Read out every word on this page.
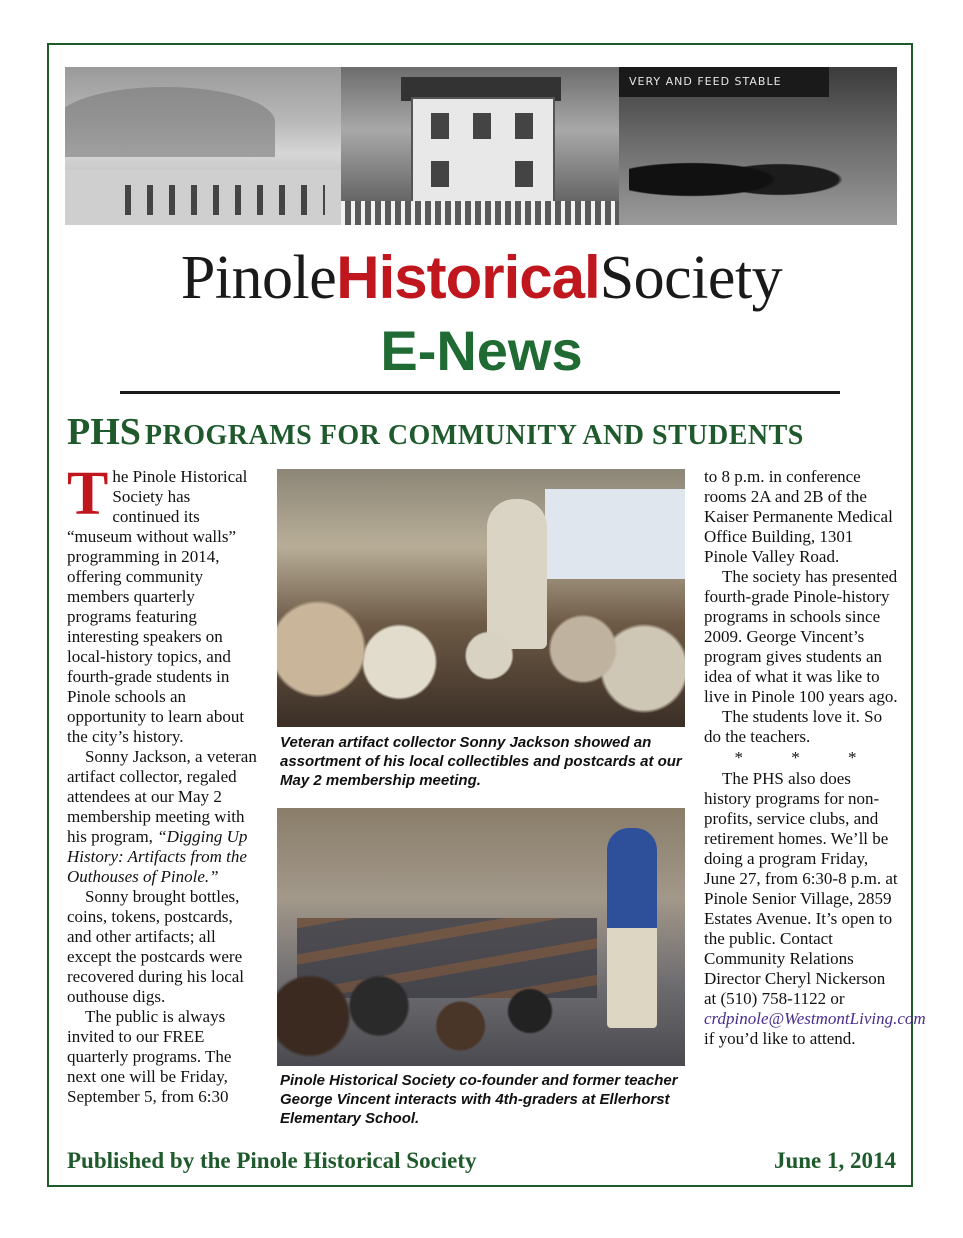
VERY AND FEED STABLE
PinoleHistoricalSociety
E-News
PHS PROGRAMS FOR COMMUNITY AND STUDENTS

The Pinole Historical Society has continued its “museum without walls” programming in 2014, offering community members quarterly programs featuring interesting speakers on local-history topics, and fourth-grade students in Pinole schools an opportunity to learn about the city’s history.

Sonny Jackson, a veteran artifact collector, regaled attendees at our May 2 membership meeting with his program, “Digging Up History: Artifacts from the Outhouses of Pinole.”

Sonny brought bottles, coins, tokens, postcards, and other artifacts; all except the postcards were recovered during his local outhouse digs.

The public is always invited to our FREE quarterly programs. The next one will be Friday, September 5, from 6:30

Veteran artifact collector Sonny Jackson showed an assortment of his local collectibles and postcards at our May 2 membership meeting.
Pinole Historical Society co-founder and former teacher George Vincent interacts with 4th-graders at Ellerhorst Elementary School.

to 8 p.m. in conference rooms 2A and 2B of the Kaiser Permanente Medical Office Building, 1301 Pinole Valley Road.

The society has presented fourth-grade Pinole-history programs in schools since 2009. George Vincent’s program gives students an idea of what it was like to live in Pinole 100 years ago.

The students love it. So do the teachers.

* * *

The PHS also does history programs for non-profits, service clubs, and retirement homes. We’ll be doing a program Friday, June 27, from 6:30-8 p.m. at Pinole Senior Village, 2859 Estates Avenue. It’s open to the public. Contact Community Relations Director Cheryl Nickerson at (510) 758-1122 or crdpinole@WestmontLiving.com if you’d like to attend.

Published by the Pinole Historical Society	June 1, 2014
